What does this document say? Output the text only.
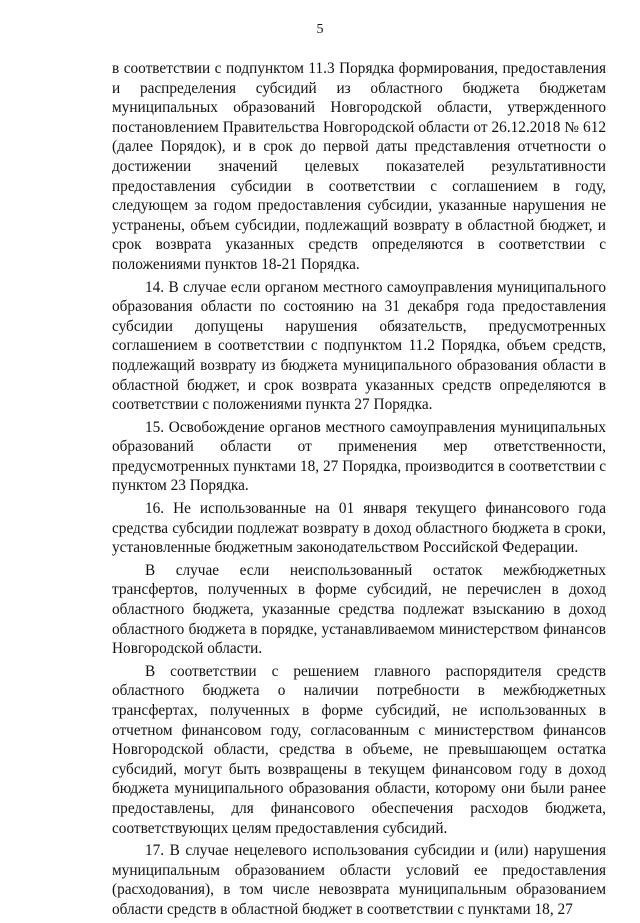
5

в соответствии с подпунктом 11.3 Порядка формирования, предоставления и распределения субсидий из областного бюджета бюджетам муниципальных образований Новгородской области, утвержденного постановлением Правительства Новгородской области от 26.12.2018 № 612 (далее Порядок), и в срок до первой даты представления отчетности о достижении значений целевых показателей результативности предоставления субсидии в соответствии с соглашением в году, следующем за годом предоставления субсидии, указанные нарушения не устранены, объем субсидии, подлежащий возврату в областной бюджет, и срок возврата указанных средств определяются в соответствии с положениями пунктов 18-21 Порядка.

14. В случае если органом местного самоуправления муниципального образования области по состоянию на 31 декабря года предоставления субсидии допущены нарушения обязательств, предусмотренных соглашением в соответствии с подпунктом 11.2 Порядка, объем средств, подлежащий возврату из бюджета муниципального образования области в областной бюджет, и срок возврата указанных средств определяются в соответствии с положениями пункта 27 Порядка.

15. Освобождение органов местного самоуправления муниципальных образований области от применения мер ответственности, предусмотренных пунктами 18, 27 Порядка, производится в соответствии с пунктом 23 Порядка.

16. Не использованные на 01 января текущего финансового года средства субсидии подлежат возврату в доход областного бюджета в сроки, установленные бюджетным законодательством Российской Федерации.

В случае если неиспользованный остаток межбюджетных трансфертов, полученных в форме субсидий, не перечислен в доход областного бюджета, указанные средства подлежат взысканию в доход областного бюджета в порядке, устанавливаемом министерством финансов Новгородской области.

В соответствии с решением главного распорядителя средств областного бюджета о наличии потребности в межбюджетных трансфертах, полученных в форме субсидий, не использованных в отчетном финансовом году, согласованным с министерством финансов Новгородской области, средства в объеме, не превышающем остатка субсидий, могут быть возвращены в текущем финансовом году в доход бюджета муниципального образования области, которому они были ранее предоставлены, для финансового обеспечения расходов бюджета, соответствующих целям предоставления субсидий.

17. В случае нецелевого использования субсидии и (или) нарушения муниципальным образованием области условий ее предоставления (расходования), в том числе невозврата муниципальным образованием области средств в областной бюджет в соответствии с пунктами 18, 27
